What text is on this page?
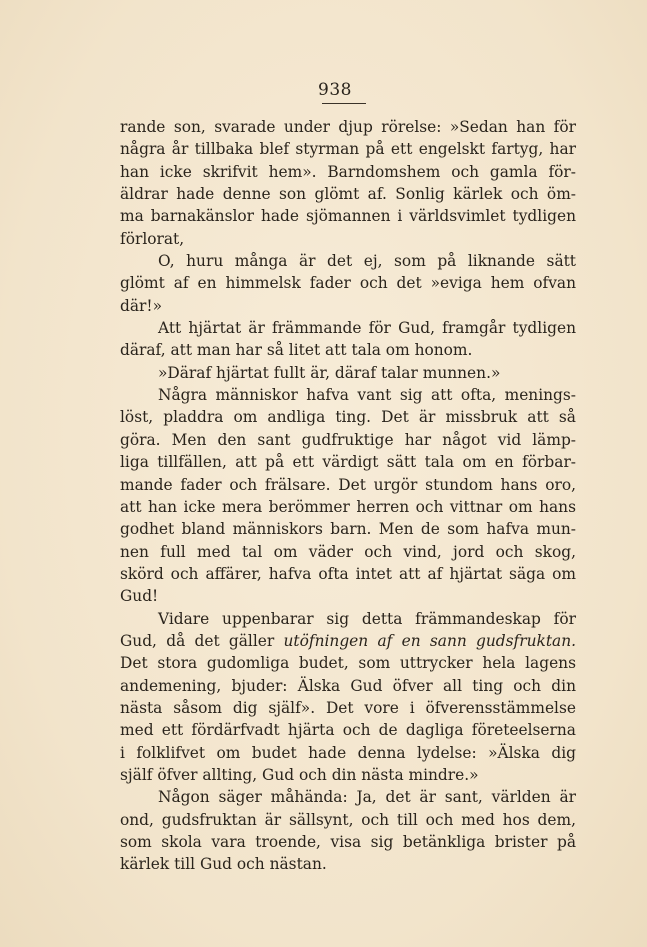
938
rande son, svarade under djup rörelse: »Sedan han för
några år tillbaka blef styrman på ett engelskt fartyg, har
han icke skrifvit hem». Barndomshem och gamla för-
äldrar hade denne son glömt af. Sonlig kärlek och öm-
ma barnakänslor hade sjömannen i världsvimlet tydligen
förlorat,
O, huru många är det ej, som på liknande sätt
glömt af en himmelsk fader och det »eviga hem ofvan
där!»
Att hjärtat är främmande för Gud, framgår tydligen
däraf, att man har så litet att tala om honom.
»Däraf hjärtat fullt är, däraf talar munnen.»
Några människor hafva vant sig att ofta, menings-
löst, pladdra om andliga ting. Det är missbruk att så
göra. Men den sant gudfruktige har något vid lämp-
liga tillfällen, att på ett värdigt sätt tala om en förbar-
mande fader och frälsare. Det urgör stundom hans oro,
att han icke mera berömmer herren och vittnar om hans
godhet bland människors barn. Men de som hafva mun-
nen full med tal om väder och vind, jord och skog,
skörd och affärer, hafva ofta intet att af hjärtat säga om
Gud!
Vidare uppenbarar sig detta främmandeskap för
Gud, då det gäller utöfningen af en sann gudsfruktan.
Det stora gudomliga budet, som uttrycker hela lagens
andemening, bjuder: Älska Gud öfver all ting och din
nästa såsom dig själf». Det vore i öfverensstämmelse
med ett fördärfvadt hjärta och de dagliga företeelserna
i folklifvet om budet hade denna lydelse: »Älska dig
själf öfver allting, Gud och din nästa mindre.»
Någon säger måhända: Ja, det är sant, världen är
ond, gudsfruktan är sällsynt, och till och med hos dem,
som skola vara troende, visa sig betänkliga brister på
kärlek till Gud och nästan.
